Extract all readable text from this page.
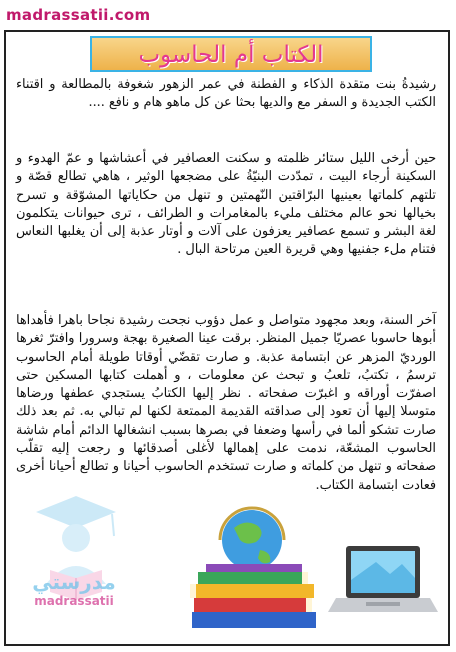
madrassatii.com
الكتاب أم الحاسوب

رشيدةُ بنت متقدة الذكاء و الفطنة في عمر الزهور شغوفة بالمطالعة و اقتناء الكتب الجديدة و السفر مع والديها بحثا عن كل ماهو هام و نافع ....

حين أرخى الليل ستائر ظلمته و سكنت العصافير في أعشاشها و عمّ الهدوء و السكينة أرجاء البيت ، تمدّدت البنيّةُ على مضجعها الوثير ، هاهي تطالع قصّة و تلتهم كلماتها بعينيها البرّاقتين النّهمتين و تنهل من حكاياتها المشوّقة و تسرح بخيالها نحو عالم مختلف مليء بالمغامرات و الطرائف ، ترى حيوانات يتكلمون لغة البشر و تسمع عصافير يعزفون على آلات و أوتار عذبة إلى أن يغلبها النعاس فتنام ملء جفنيها وهي قريرة العين مرتاحة البال .

آخر السنة، وبعد مجهود متواصل و عمل دؤوب نجحت رشيدة نجاحا باهرا فأهداها أبوها حاسوبا عصريّا جميل المنظر. برقت عينا الصغيرة بهجة وسرورا وافترّ ثغرها الورديّ المزهر عن ابتسامة عذبة. و صارت تقضّي أوقاتا طويلة أمام الحاسوب ترسمُ ، تكتبُ، تلعبُ و تبحث عن معلومات ، و أهملت كتابها المسكين حتى اصفرّت أوراقه و اغبرّت صفحاته . نظر إليها الكتابُ يستجدي عطفها ورضاها متوسلا إليها أن تعود إلى صداقته القديمة الممتعة لكنها لم تبالي به. ثم بعد ذلك صارت تشكو ألما في رأسها وضعفا في بصرها بسبب انشغالها الدائم أمام شاشة الحاسوب المشعّة، ندمت على إهمالها لأغلى أصدقائها و رجعت إليه تقلّب صفحاته و تنهل من كلماته و صارت تستخدم الحاسوب أحيانا و تطالع أحيانا أخرى فعادت ابتسامة الكتاب.

مدرستي
madrassatii
